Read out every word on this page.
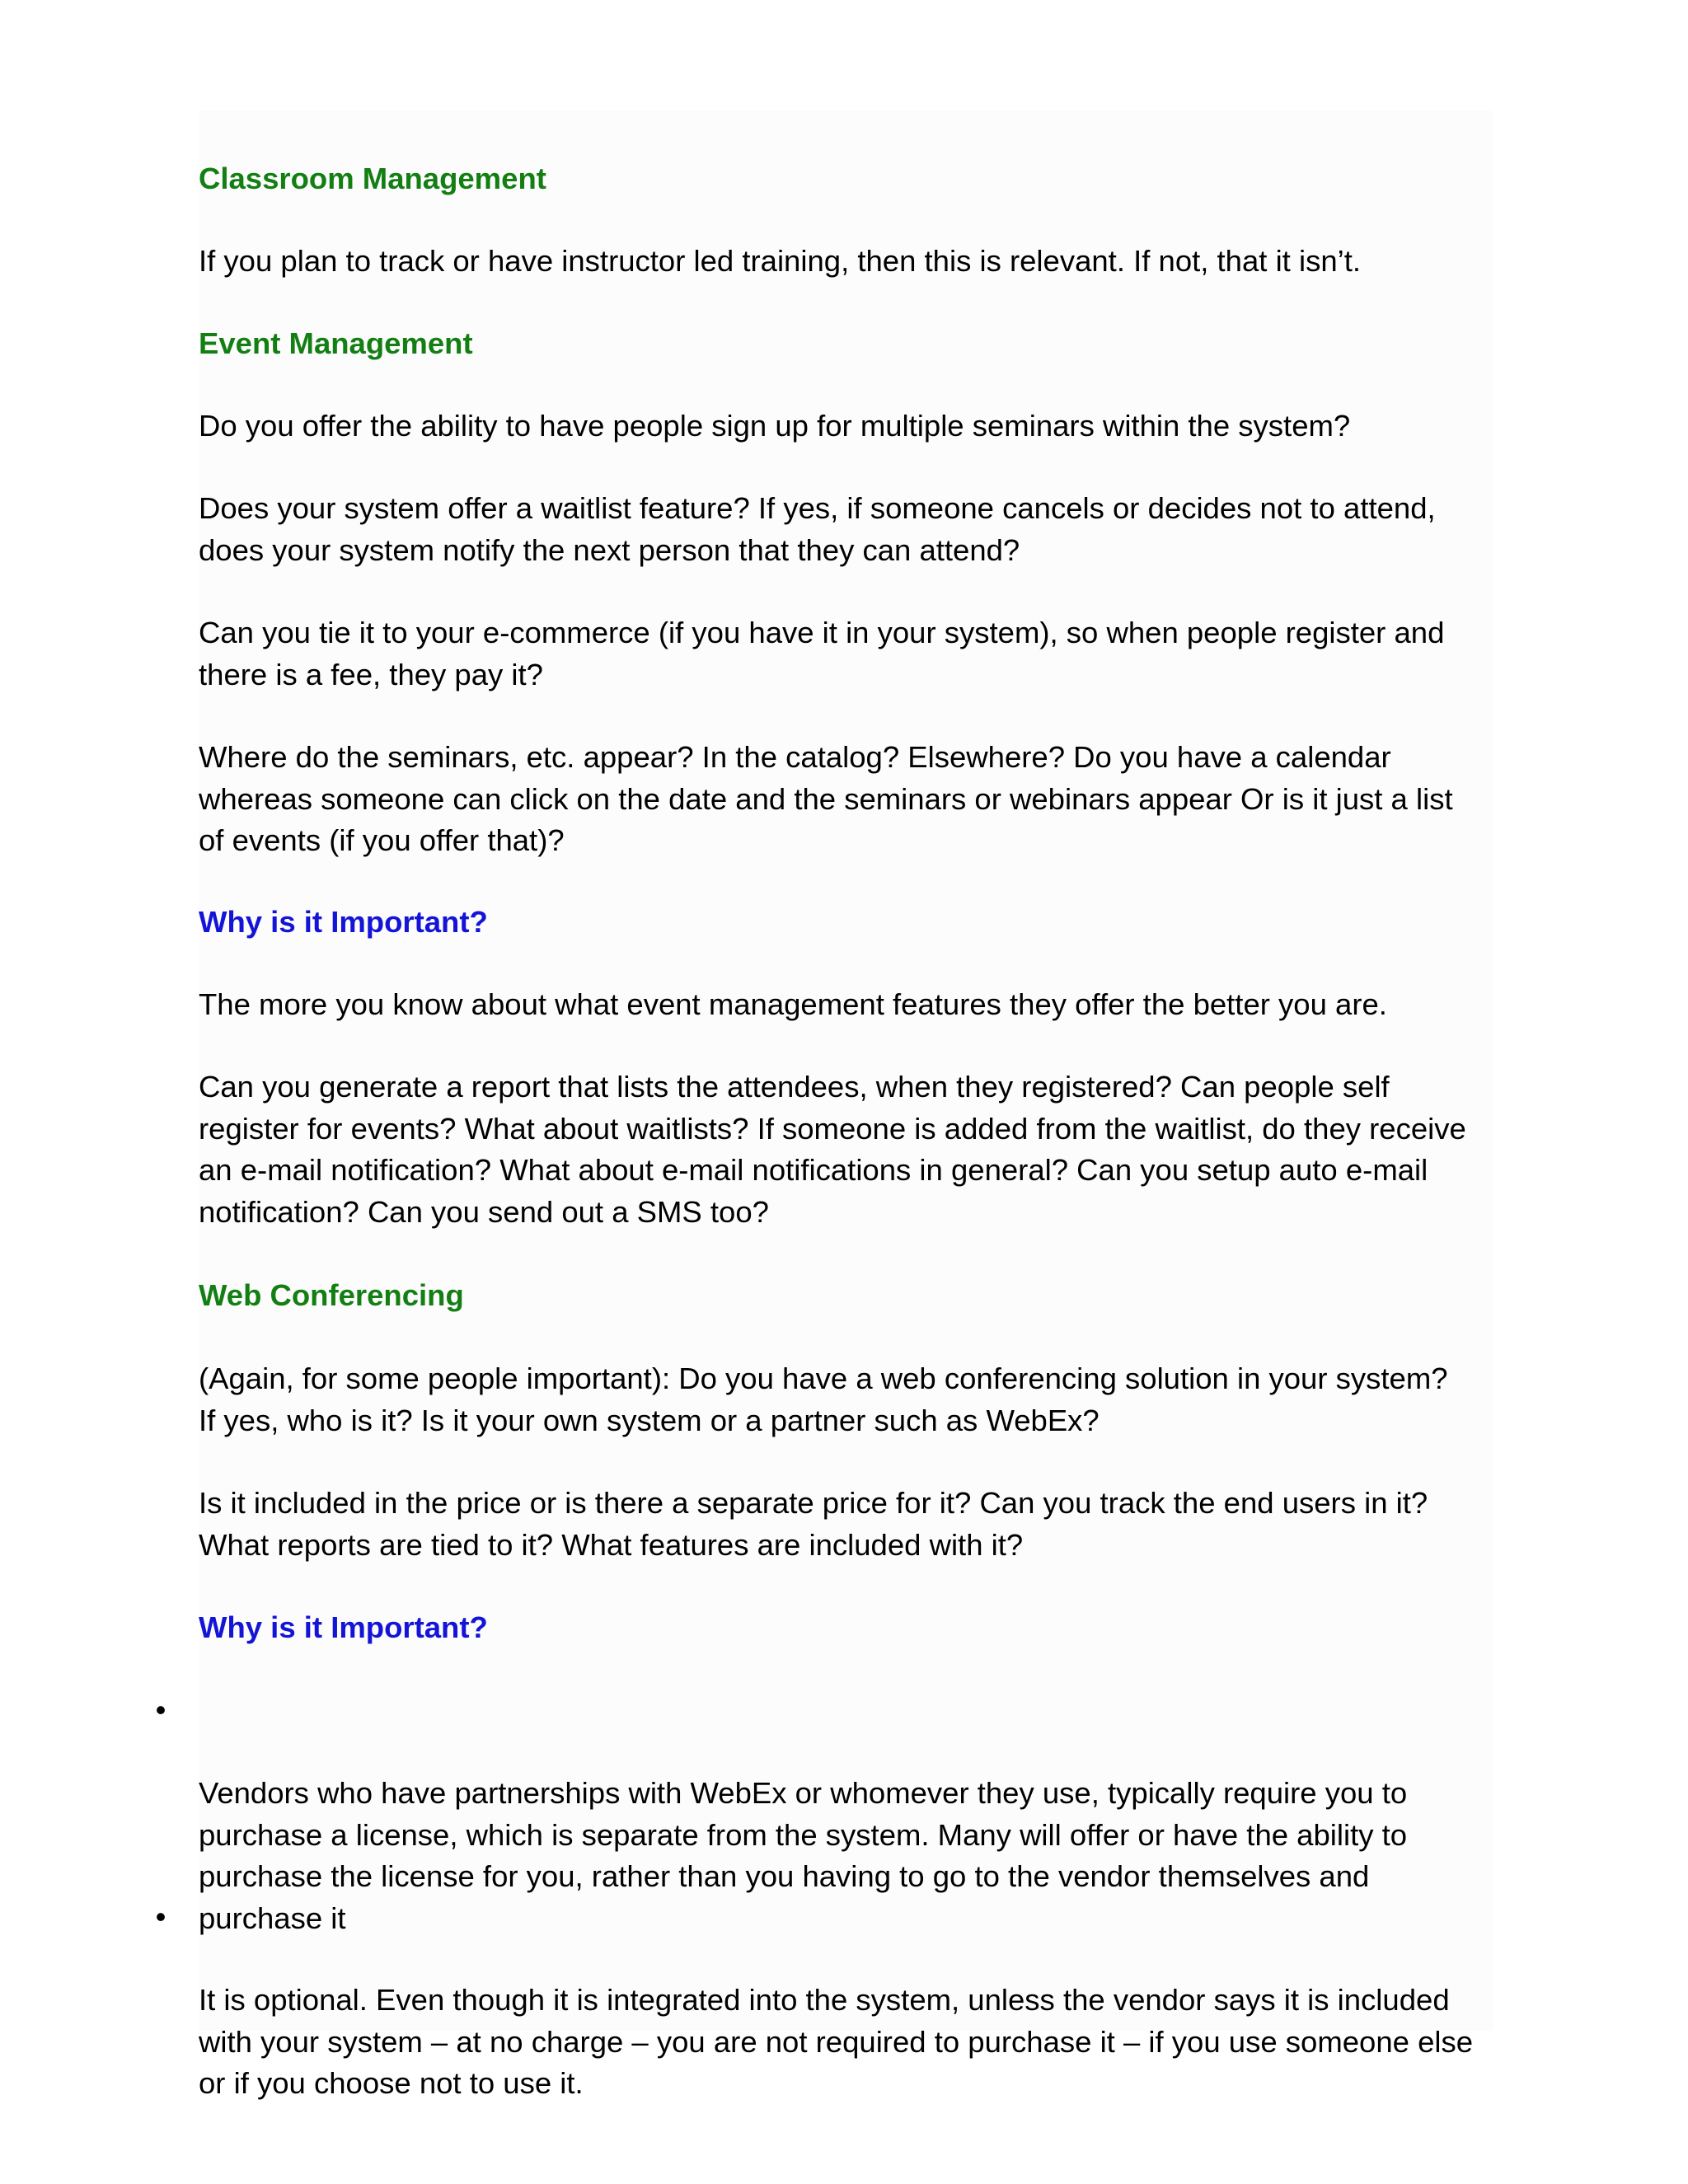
Classroom Management

If you plan to track or have instructor led training, then this is relevant. If not, that it isn’t.

Event Management

Do you offer the ability to have people sign up for multiple seminars within the system?

Does your system offer a waitlist feature? If yes, if someone cancels or decides not to attend,
does your system notify the next person that they can attend?

Can you tie it to your e-commerce (if you have it in your system), so when people register and
there is a fee, they pay it?

Where do the seminars, etc. appear? In the catalog? Elsewhere? Do you have a calendar
whereas someone can click on the date and the seminars or webinars appear Or is it just a list
of events (if you offer that)?

Why is it Important?

The more you know about what event management features they offer the better you are.

Can you generate a report that lists the attendees, when they registered? Can people self
register for events? What about waitlists? If someone is added from the waitlist, do they receive
an e-mail notification? What about e-mail notifications in general? Can you setup auto e-mail
notification? Can you send out a SMS too?

Web Conferencing

(Again, for some people important): Do you have a web conferencing solution in your system?
If yes, who is it? Is it your own system or a partner such as WebEx?

Is it included in the price or is there a separate price for it? Can you track the end users in it?
What reports are tied to it? What features are included with it?

Why is it Important?

•

Vendors who have partnerships with WebEx or whomever they use, typically require you to
purchase a license, which is separate from the system. Many will offer or have the ability to
purchase the license for you, rather than you having to go to the vendor themselves and
purchase it

•

It is optional. Even though it is integrated into the system, unless the vendor says it is included
with your system – at no charge – you are not required to purchase it – if you use someone else
or if you choose not to use it.
